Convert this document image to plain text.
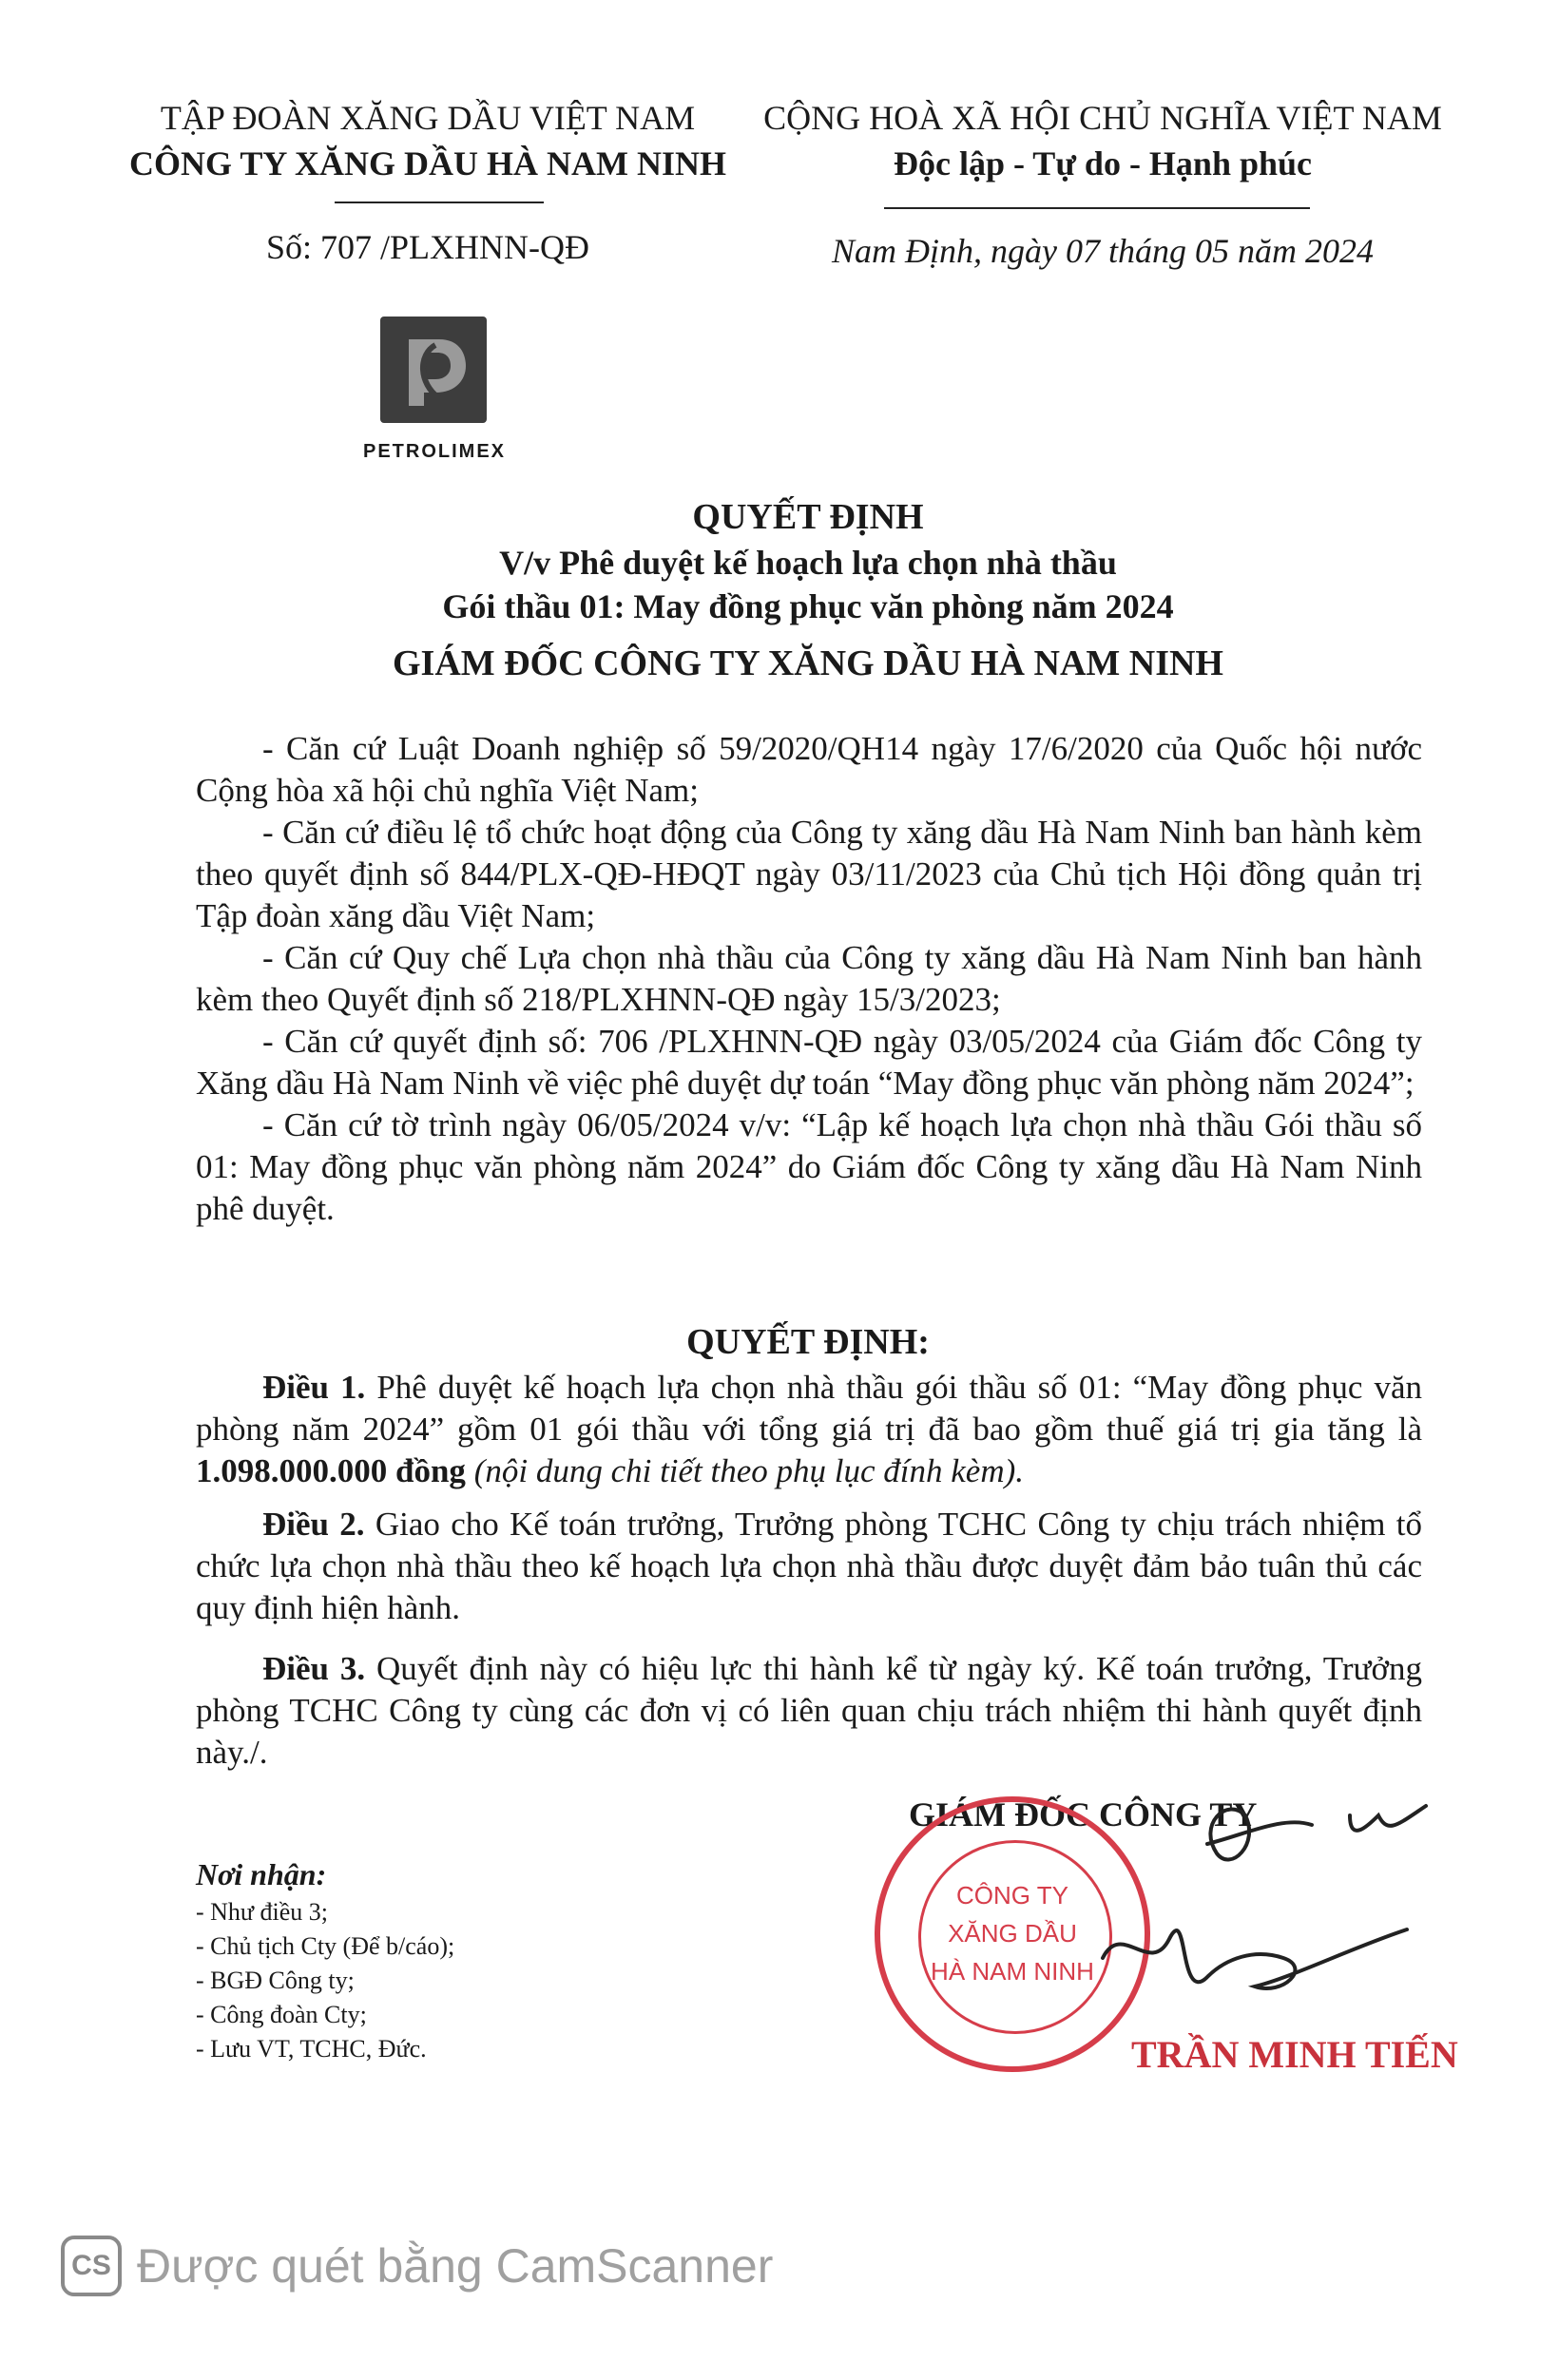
TẬP ĐOÀN XĂNG DẦU VIỆT NAM
CÔNG TY XĂNG DẦU HÀ NAM NINH
Số: 707 /PLXHNN-QĐ
CỘNG HOÀ XÃ HỘI CHỦ NGHĨA VIỆT NAM
Độc lập - Tự do - Hạnh phúc
Nam Định, ngày 07 tháng 05 năm 2024
PETROLIMEX
QUYẾT ĐỊNH
V/v Phê duyệt kế hoạch lựa chọn nhà thầu
Gói thầu 01: May đồng phục văn phòng năm 2024
GIÁM ĐỐC CÔNG TY XĂNG DẦU HÀ NAM NINH
- Căn cứ Luật Doanh nghiệp số 59/2020/QH14 ngày 17/6/2020 của Quốc hội nước Cộng hòa xã hội chủ nghĩa Việt Nam;
- Căn cứ điều lệ tổ chức hoạt động của Công ty xăng dầu Hà Nam Ninh ban hành kèm theo quyết định số 844/PLX-QĐ-HĐQT ngày 03/11/2023 của Chủ tịch Hội đồng quản trị Tập đoàn xăng dầu Việt Nam;
- Căn cứ Quy chế Lựa chọn nhà thầu của Công ty xăng dầu Hà Nam Ninh ban hành kèm theo Quyết định số 218/PLXHNN-QĐ ngày 15/3/2023;
- Căn cứ quyết định số: 706 /PLXHNN-QĐ ngày 03/05/2024 của Giám đốc Công ty Xăng dầu Hà Nam Ninh về việc phê duyệt dự toán “May đồng phục văn phòng năm 2024”;
- Căn cứ tờ trình ngày 06/05/2024 v/v: “Lập kế hoạch lựa chọn nhà thầu Gói thầu số 01: May đồng phục văn phòng năm 2024” do Giám đốc Công ty xăng dầu Hà Nam Ninh phê duyệt.
QUYẾT ĐỊNH:
Điều 1. Phê duyệt kế hoạch lựa chọn nhà thầu gói thầu số 01: “May đồng phục văn phòng năm 2024” gồm 01 gói thầu với tổng giá trị đã bao gồm thuế giá trị gia tăng là 1.098.000.000 đồng (nội dung chi tiết theo phụ lục đính kèm).
Điều 2. Giao cho Kế toán trưởng, Trưởng phòng TCHC Công ty chịu trách nhiệm tổ chức lựa chọn nhà thầu theo kế hoạch lựa chọn nhà thầu được duyệt đảm bảo tuân thủ các quy định hiện hành.
Điều 3. Quyết định này có hiệu lực thi hành kể từ ngày ký. Kế toán trưởng, Trưởng phòng TCHC Công ty cùng các đơn vị có liên quan chịu trách nhiệm thi hành quyết định này./.
Nơi nhận:
- Như điều 3;
- Chủ tịch Cty (Để b/cáo);
- BGĐ Công ty;
- Công đoàn Cty;
- Lưu VT, TCHC, Đức.
GIÁM ĐỐC CÔNG TY
CÔNG TY
XĂNG DẦU
HÀ NAM NINH
TRẦN MINH TIẾN
CS Được quét bằng CamScanner
